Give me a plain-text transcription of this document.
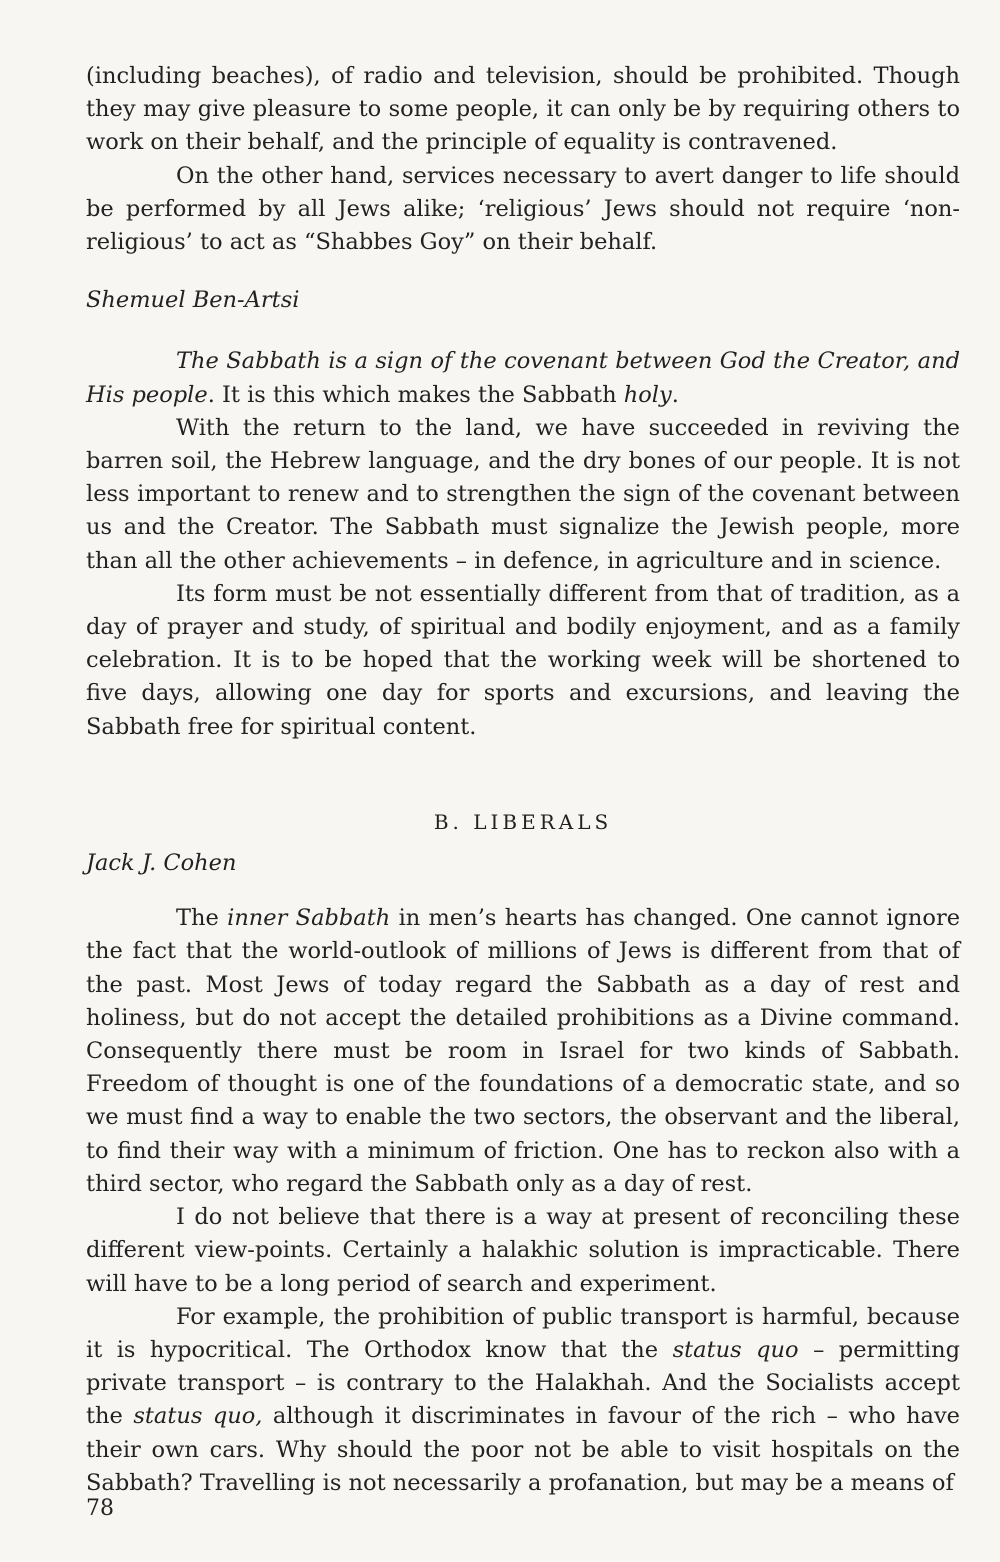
(including beaches), of radio and television, should be prohibited. Though they may give pleasure to some people, it can only be by requiring others to work on their behalf, and the principle of equality is contravened.

On the other hand, services necessary to avert danger to life should be performed by all Jews alike; ‘religious’ Jews should not require ‘non-religious’ to act as “Shabbes Goy” on their behalf.

Shemuel Ben-Artsi

The Sabbath is a sign of the covenant between God the Creator, and His people. It is this which makes the Sabbath holy.

With the return to the land, we have succeeded in reviving the barren soil, the Hebrew language, and the dry bones of our people. It is not less important to renew and to strengthen the sign of the covenant between us and the Creator. The Sabbath must signalize the Jewish people, more than all the other achievements – in defence, in agriculture and in science.

Its form must be not essentially different from that of tradition, as a day of prayer and study, of spiritual and bodily enjoyment, and as a family celebration. It is to be hoped that the working week will be shortened to five days, allowing one day for sports and excursions, and leaving the Sabbath free for spiritual content.

B. LIBERALS

Jack J. Cohen

The inner Sabbath in men’s hearts has changed. One cannot ignore the fact that the world-outlook of millions of Jews is different from that of the past. Most Jews of today regard the Sabbath as a day of rest and holiness, but do not accept the detailed prohibitions as a Divine command. Consequently there must be room in Israel for two kinds of Sabbath. Freedom of thought is one of the foundations of a democratic state, and so we must find a way to enable the two sectors, the observant and the liberal, to find their way with a minimum of friction. One has to reckon also with a third sector, who regard the Sabbath only as a day of rest.

I do not believe that there is a way at present of reconciling these different view-points. Certainly a halakhic solution is impracticable. There will have to be a long period of search and experiment.

For example, the prohibition of public transport is harmful, because it is hypocritical. The Orthodox know that the status quo – permitting private transport – is contrary to the Halakhah. And the Socialists accept the status quo, although it discriminates in favour of the rich – who have their own cars. Why should the poor not be able to visit hospitals on the Sabbath? Travelling is not necessarily a profanation, but may be a means of

78
